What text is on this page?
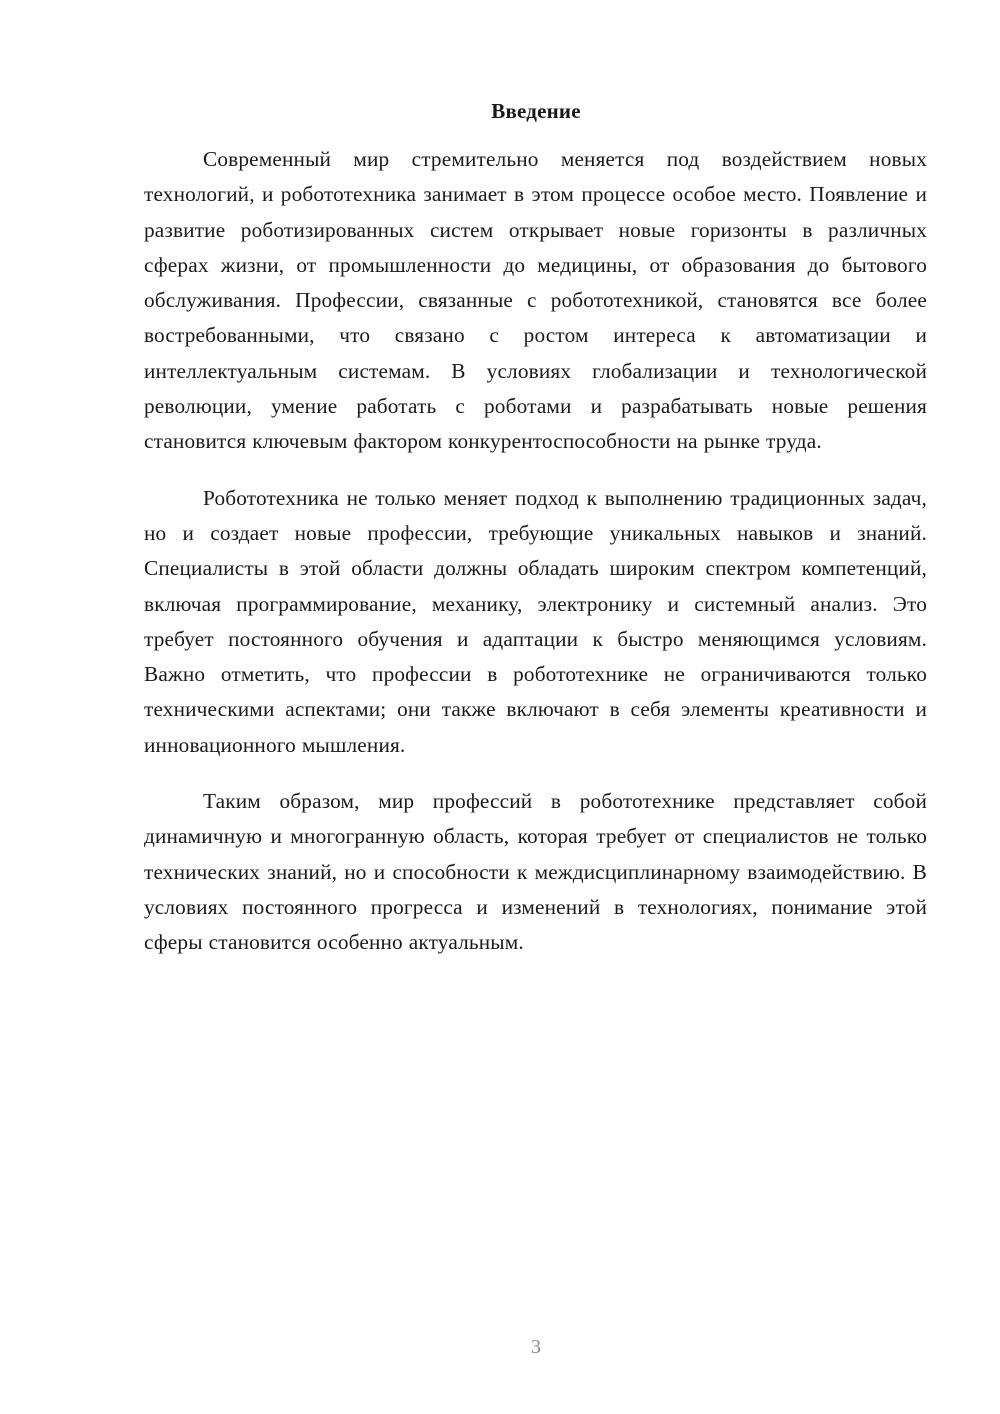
Введение

Современный мир стремительно меняется под воздействием новых технологий, и робототехника занимает в этом процессе особое место. Появление и развитие роботизированных систем открывает новые горизонты в различных сферах жизни, от промышленности до медицины, от образования до бытового обслуживания. Профессии, связанные с робототехникой, становятся все более востребованными, что связано с ростом интереса к автоматизации и интеллектуальным системам. В условиях глобализации и технологической революции, умение работать с роботами и разрабатывать новые решения становится ключевым фактором конкурентоспособности на рынке труда.

Робототехника не только меняет подход к выполнению традиционных задач, но и создает новые профессии, требующие уникальных навыков и знаний. Специалисты в этой области должны обладать широким спектром компетенций, включая программирование, механику, электронику и системный анализ. Это требует постоянного обучения и адаптации к быстро меняющимся условиям. Важно отметить, что профессии в робототехнике не ограничиваются только техническими аспектами; они также включают в себя элементы креативности и инновационного мышления.

Таким образом, мир профессий в робототехнике представляет собой динамичную и многогранную область, которая требует от специалистов не только технических знаний, но и способности к междисциплинарному взаимодействию. В условиях постоянного прогресса и изменений в технологиях, понимание этой сферы становится особенно актуальным.

3
